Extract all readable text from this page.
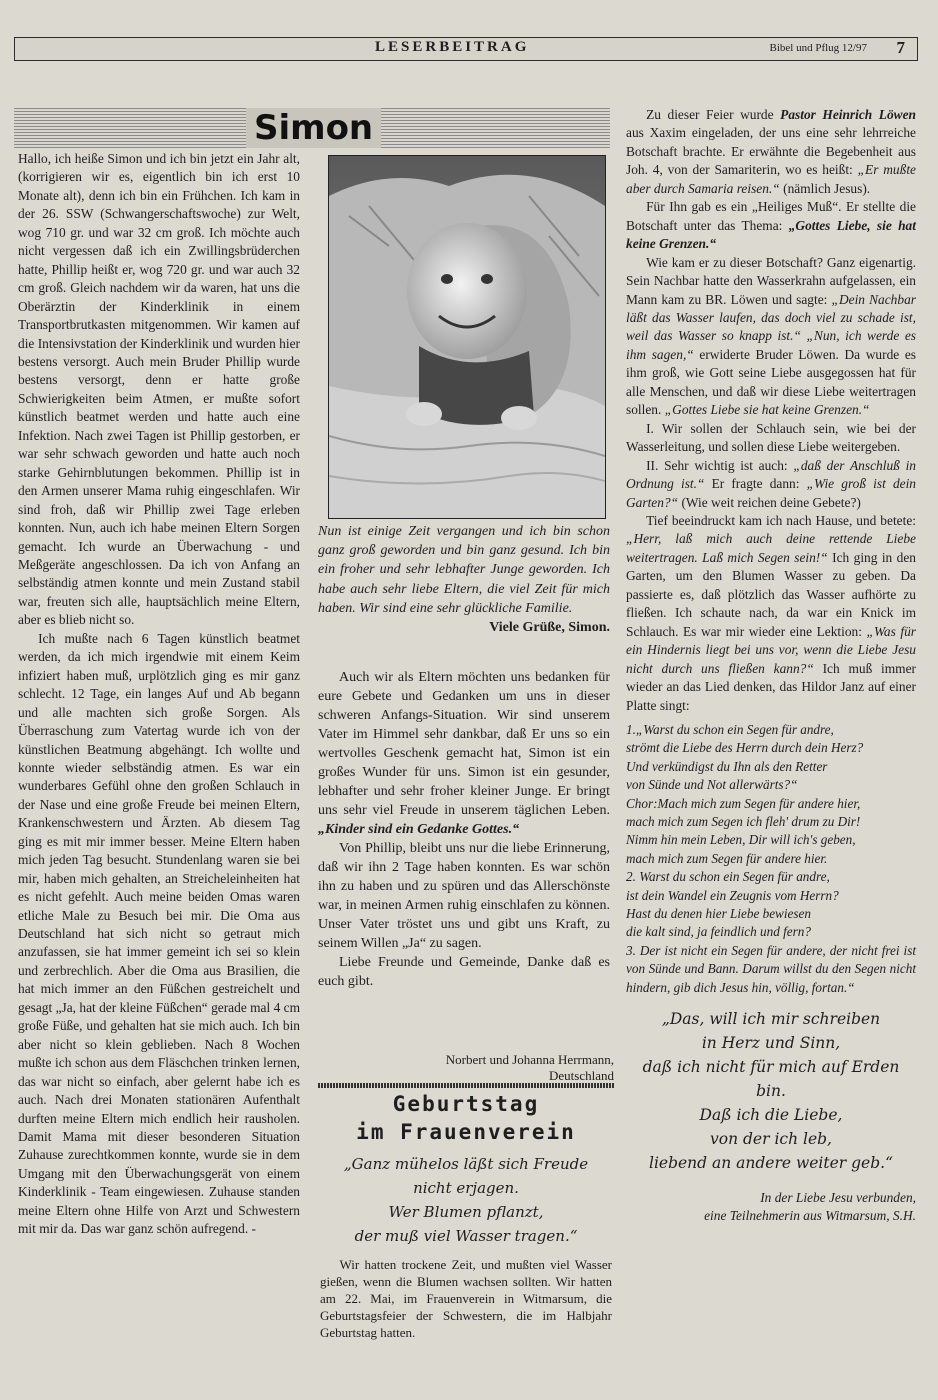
LESERBEITRAG	Bibel und Pflug 12/97 7
Simon

Hallo, ich heiße Simon und ich bin jetzt ein Jahr alt, (korrigieren wir es, eigentlich bin ich erst 10 Monate alt), denn ich bin ein Frühchen. Ich kam in der 26. SSW (Schwangerschaftswoche) zur Welt, wog 710 gr. und war 32 cm groß. Ich möchte auch nicht vergessen daß ich ein Zwillingsbrüderchen hatte, Phillip heißt er, wog 720 gr. und war auch 32 cm groß. Gleich nachdem wir da waren, hat uns die Oberärztin der Kinderklinik in einem Transportbrutkasten mitgenommen. Wir kamen auf die Intensivstation der Kinderklinik und wurden hier bestens versorgt. Auch mein Bruder Phillip wurde bestens versorgt, denn er hatte große Schwierigkeiten beim Atmen, er mußte sofort künstlich beatmet werden und hatte auch eine Infektion. Nach zwei Tagen ist Phillip gestorben, er war sehr schwach geworden und hatte auch noch starke Gehirnblutungen bekommen. Phillip ist in den Armen unserer Mama ruhig eingeschlafen. Wir sind froh, daß wir Phillip zwei Tage erleben konnten. Nun, auch ich habe meinen Eltern Sorgen gemacht. Ich wurde an Überwachung - und Meßgeräte angeschlossen. Da ich von Anfang an selbständig atmen konnte und mein Zustand stabil war, freuten sich alle, hauptsächlich meine Eltern, aber es blieb nicht so.

Ich mußte nach 6 Tagen künstlich beatmet werden, da ich mich irgendwie mit einem Keim infiziert haben muß, urplötzlich ging es mir ganz schlecht. 12 Tage, ein langes Auf und Ab begann und alle machten sich große Sorgen. Als Überraschung zum Vatertag wurde ich von der künstlichen Beatmung abgehängt. Ich wollte und konnte wieder selbständig atmen. Es war ein wunderbares Gefühl ohne den großen Schlauch in der Nase und eine große Freude bei meinen Eltern, Krankenschwestern und Ärzten. Ab diesem Tag ging es mit mir immer besser. Meine Eltern haben mich jeden Tag besucht. Stundenlang waren sie bei mir, haben mich gehalten, an Streicheleinheiten hat es nicht gefehlt. Auch meine beiden Omas waren etliche Male zu Besuch bei mir. Die Oma aus Deutschland hat sich nicht so getraut mich anzufassen, sie hat immer gemeint ich sei so klein und zerbrechlich. Aber die Oma aus Brasilien, die hat mich immer an den Füßchen gestreichelt und gesagt „Ja, hat der kleine Füßchen“ gerade mal 4 cm große Füße, und gehalten hat sie mich auch. Ich bin aber nicht so klein geblieben. Nach 8 Wochen mußte ich schon aus dem Fläschchen trinken lernen, das war nicht so einfach, aber gelernt habe ich es auch. Nach drei Monaten stationären Aufenthalt durften meine Eltern mich endlich heir rausholen. Damit Mama mit dieser besonderen Situation Zuhause zurechtkommen konnte, wurde sie in dem Umgang mit den Überwachungsgerät von einem Kinderklinik - Team eingewiesen. Zuhause standen meine Eltern ohne Hilfe von Arzt und Schwestern mit mir da. Das war ganz schön aufregend. -

Nun ist einige Zeit vergangen und ich bin schon ganz groß geworden und bin ganz gesund. Ich bin ein froher und sehr lebhafter Junge geworden. Ich habe auch sehr liebe Eltern, die viel Zeit für mich haben. Wir sind eine sehr glückliche Familie.
Viele Grüße, Simon.

Auch wir als Eltern möchten uns bedanken für eure Gebete und Gedanken um uns in dieser schweren Anfangs-Situation. Wir sind unserem Vater im Himmel sehr dankbar, daß Er uns so ein wertvolles Geschenk gemacht hat, Simon ist ein großes Wunder für uns. Simon ist ein gesunder, lebhafter und sehr froher kleiner Junge. Er bringt uns sehr viel Freude in unserem täglichen Leben. „Kinder sind ein Gedanke Gottes.“

Von Phillip, bleibt uns nur die liebe Erinnerung, daß wir ihn 2 Tage haben konnten. Es war schön ihn zu haben und zu spüren und das Allerschönste war, in meinen Armen ruhig einschlafen zu können. Unser Vater tröstet uns und gibt uns Kraft, zu seinem Willen „Ja“ zu sagen.

Liebe Freunde und Gemeinde, Danke daß es euch gibt.

Norbert und Johanna Herrmann,
Deutschland
Geburtstag
im Frauenverein
„Ganz mühelos läßt sich Freude
nicht erjagen.
Wer Blumen pflanzt,
der muß viel Wasser tragen.“

Wir hatten trockene Zeit, und mußten viel Wasser gießen, wenn die Blumen wachsen sollten. Wir hatten am 22. Mai, im Frauenverein in Witmarsum, die Geburtstagsfeier der Schwestern, die im Halbjahr Geburtstag hatten.

Zu dieser Feier wurde Pastor Heinrich Löwen aus Xaxim eingeladen, der uns eine sehr lehrreiche Botschaft brachte. Er erwähnte die Begebenheit aus Joh. 4, von der Samariterin, wo es heißt: „Er mußte aber durch Samaria reisen.“ (nämlich Jesus).

Für Ihn gab es ein „Heiliges Muß“. Er stellte die Botschaft unter das Thema: „Gottes Liebe, sie hat keine Grenzen.“

Wie kam er zu dieser Botschaft? Ganz eigenartig. Sein Nachbar hatte den Wasserkrahn aufgelassen, ein Mann kam zu BR. Löwen und sagte: „Dein Nachbar läßt das Wasser laufen, das doch viel zu schade ist, weil das Wasser so knapp ist.“ „Nun, ich werde es ihm sagen,“ erwiderte Bruder Löwen. Da wurde es ihm groß, wie Gott seine Liebe ausgegossen hat für alle Menschen, und daß wir diese Liebe weitertragen sollen. „Gottes Liebe sie hat keine Grenzen.“

I. Wir sollen der Schlauch sein, wie bei der Wasserleitung, und sollen diese Liebe weitergeben.

II. Sehr wichtig ist auch: „daß der Anschluß in Ordnung ist.“ Er fragte dann: „Wie groß ist dein Garten?“ (Wie weit reichen deine Gebete?)

Tief beeindruckt kam ich nach Hause, und betete: „Herr, laß mich auch deine rettende Liebe weitertragen. Laß mich Segen sein!“ Ich ging in den Garten, um den Blumen Wasser zu geben. Da passierte es, daß plötzlich das Wasser aufhörte zu fließen. Ich schaute nach, da war ein Knick im Schlauch. Es war mir wieder eine Lektion: „Was für ein Hindernis liegt bei uns vor, wenn die Liebe Jesu nicht durch uns fließen kann?“ Ich muß immer wieder an das Lied denken, das Hildor Janz auf einer Platte singt:

1.„Warst du schon ein Segen für andre,
strömt die Liebe des Herrn durch dein Herz?
Und verkündigst du Ihn als den Retter
von Sünde und Not allerwärts?“
Chor:Mach mich zum Segen für andere hier,
mach mich zum Segen ich fleh' drum zu Dir!
Nimm hin mein Leben, Dir will ich's geben,
mach mich zum Segen für andere hier.
2. Warst du schon ein Segen für andre,
ist dein Wandel ein Zeugnis vom Herrn?
Hast du denen hier Liebe bewiesen
die kalt sind, ja feindlich und fern?
3. Der ist nicht ein Segen für andere, der nicht frei ist von Sünde und Bann. Darum willst du den Segen nicht hindern, gib dich Jesus hin, völlig, fortan.“
„Das, will ich mir schreiben
in Herz und Sinn,
daß ich nicht für mich auf Erden bin.
Daß ich die Liebe,
von der ich leb,
liebend an andere weiter geb.“
In der Liebe Jesu verbunden,
eine Teilnehmerin aus Witmarsum, S.H.
